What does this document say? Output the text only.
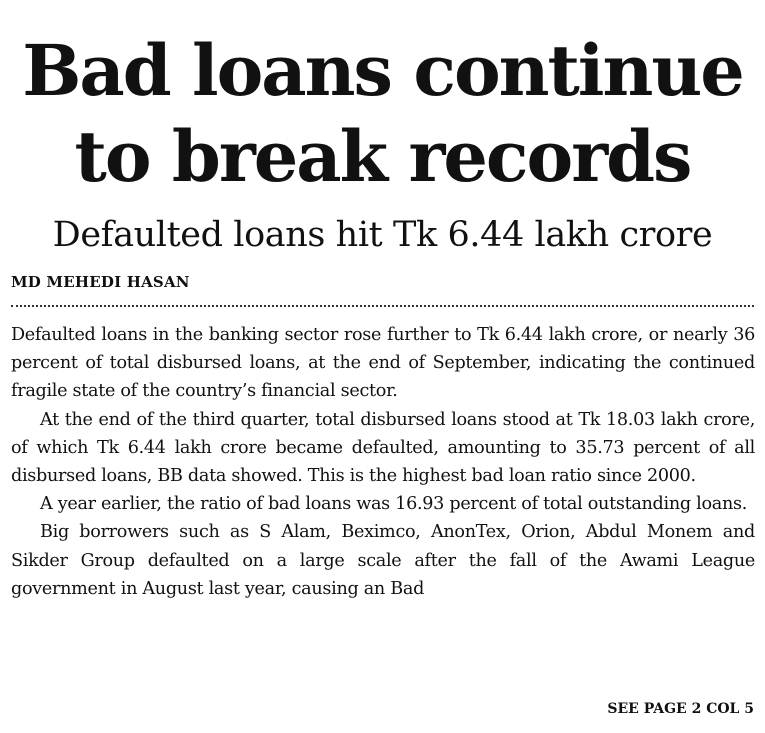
Bad loans continue
to break records
Defaulted loans hit Tk 6.44 lakh crore
MD MEHEDI HASAN

Defaulted loans in the banking sector rose further to Tk 6.44 lakh crore, or nearly 36 percent of total disbursed loans, at the end of September, indicating the continued fragile state of the country’s financial sector.

At the end of the third quarter, total disbursed loans stood at Tk 18.03 lakh crore, of which Tk 6.44 lakh crore became defaulted, amounting to 35.73 percent of all disbursed loans, BB data showed. This is the highest bad loan ratio since 2000.

A year earlier, the ratio of bad loans was 16.93 percent of total outstanding loans.

Big borrowers such as S Alam, Beximco, AnonTex, Orion, Abdul Monem and Sikder Group defaulted on a large scale after the fall of the Awami League government in August last year, causing an Bad

SEE PAGE 2 COL 5
